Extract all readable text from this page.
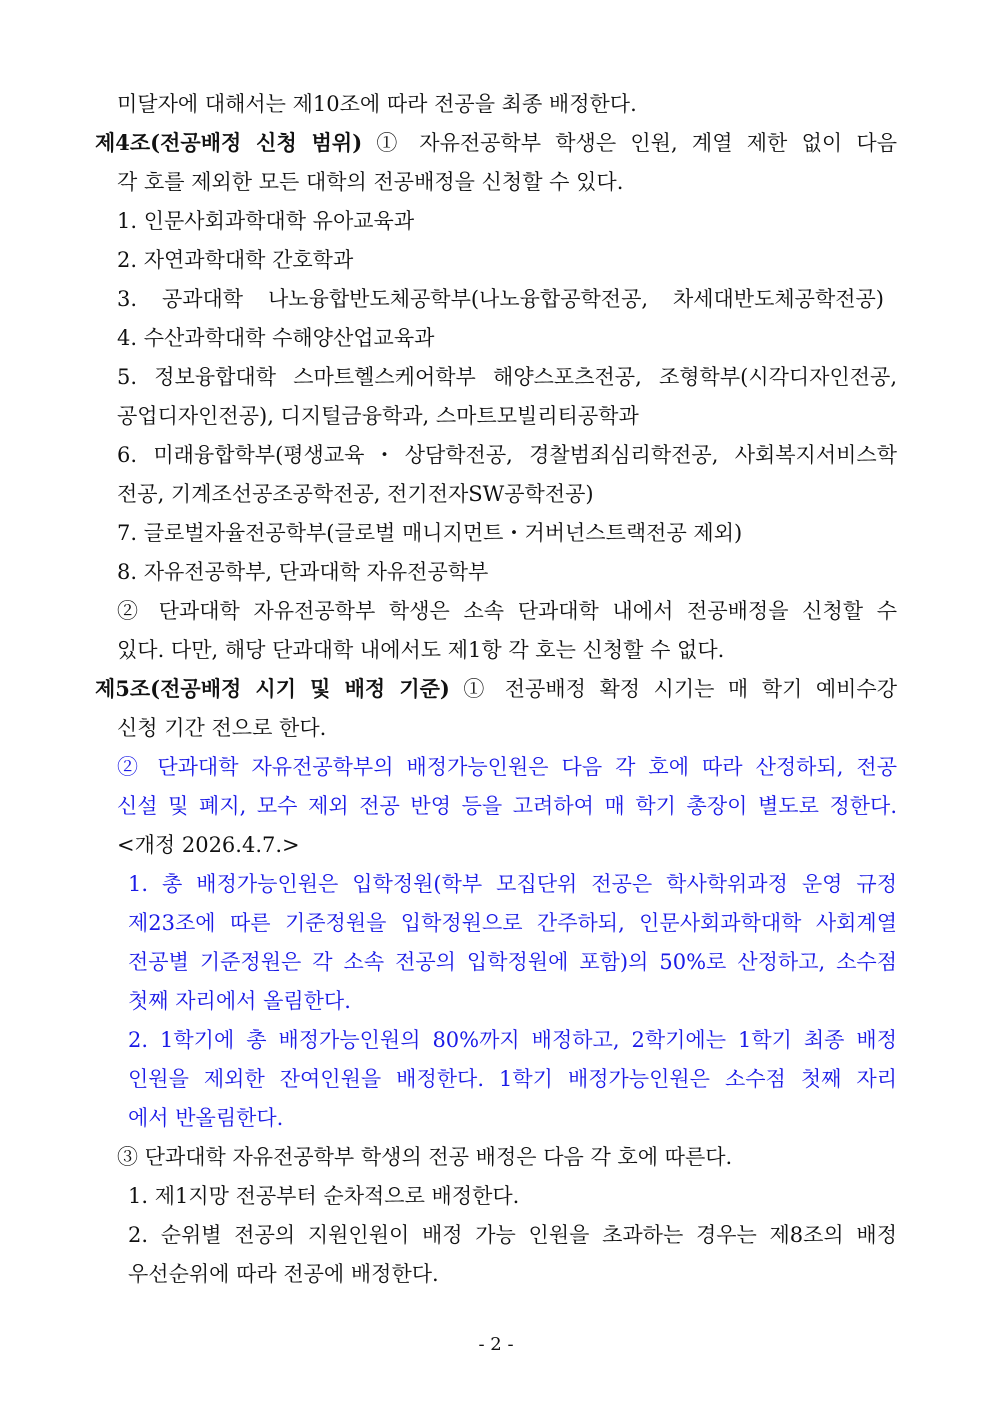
미달자에 대해서는 제10조에 따라 전공을 최종 배정한다.
제4조(전공배정 신청 범위) ① 자유전공학부 학생은 인원, 계열 제한 없이 다음
각 호를 제외한 모든 대학의 전공배정을 신청할 수 있다.
1. 인문사회과학대학 유아교육과
2. 자연과학대학 간호학과
3. 공과대학 나노융합반도체공학부(나노융합공학전공, 차세대반도체공학전공)
4. 수산과학대학 수해양산업교육과
5. 정보융합대학 스마트헬스케어학부 해양스포츠전공, 조형학부(시각디자인전공,
공업디자인전공), 디지털금융학과, 스마트모빌리티공학과
6. 미래융합학부(평생교육・상담학전공, 경찰범죄심리학전공, 사회복지서비스학
전공, 기계조선공조공학전공, 전기전자SW공학전공)
7. 글로벌자율전공학부(글로벌 매니지먼트・거버넌스트랙전공 제외)
8. 자유전공학부, 단과대학 자유전공학부
② 단과대학 자유전공학부 학생은 소속 단과대학 내에서 전공배정을 신청할 수
있다. 다만, 해당 단과대학 내에서도 제1항 각 호는 신청할 수 없다.
제5조(전공배정 시기 및 배정 기준) ① 전공배정 확정 시기는 매 학기 예비수강
신청 기간 전으로 한다.
② 단과대학 자유전공학부의 배정가능인원은 다음 각 호에 따라 산정하되, 전공
신설 및 폐지, 모수 제외 전공 반영 등을 고려하여 매 학기 총장이 별도로 정한다.
<개정 2026.4.7.>
1. 총 배정가능인원은 입학정원(학부 모집단위 전공은 학사학위과정 운영 규정
제23조에 따른 기준정원을 입학정원으로 간주하되, 인문사회과학대학 사회계열
전공별 기준정원은 각 소속 전공의 입학정원에 포함)의 50%로 산정하고, 소수점
첫째 자리에서 올림한다.
2. 1학기에 총 배정가능인원의 80%까지 배정하고, 2학기에는 1학기 최종 배정
인원을 제외한 잔여인원을 배정한다. 1학기 배정가능인원은 소수점 첫째 자리
에서 반올림한다.
③ 단과대학 자유전공학부 학생의 전공 배정은 다음 각 호에 따른다.
1. 제1지망 전공부터 순차적으로 배정한다.
2. 순위별 전공의 지원인원이 배정 가능 인원을 초과하는 경우는 제8조의 배정
우선순위에 따라 전공에 배정한다.
- 2 -
